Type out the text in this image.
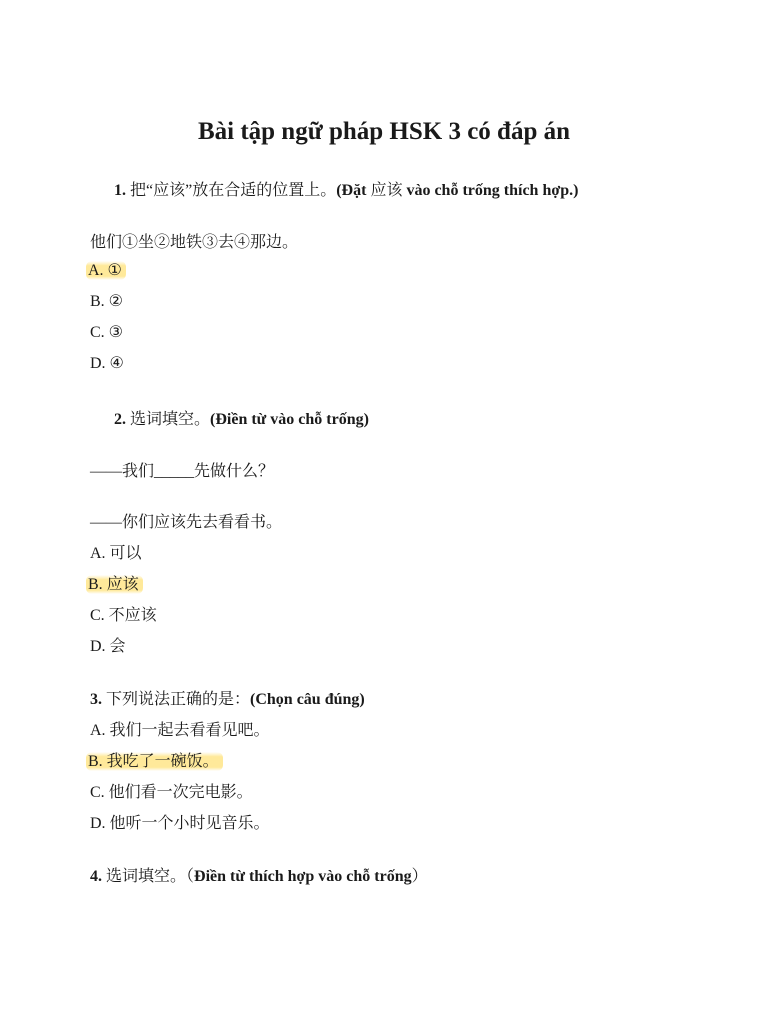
Bài tập ngữ pháp HSK 3 có đáp án
1. 把“应该”放在合适的位置上。(Đặt 应该 vào chỗ trống thích hợp.)
他们①坐②地铁③去④那边。
A. ①
B. ②
C. ③
D. ④
2. 选词填空。(Điền từ vào chỗ trống)
——我们_____先做什么？
——你们应该先去看看书。
A. 可以
B. 应该
C. 不应该
D. 会
3. 下列说法正确的是：(Chọn câu đúng)
A. 我们一起去看看见吧。
B. 我吃了一碗饭。
C. 他们看一次完电影。
D. 他听一个小时见音乐。
4. 选词填空。（Điền từ thích hợp vào chỗ trống）
